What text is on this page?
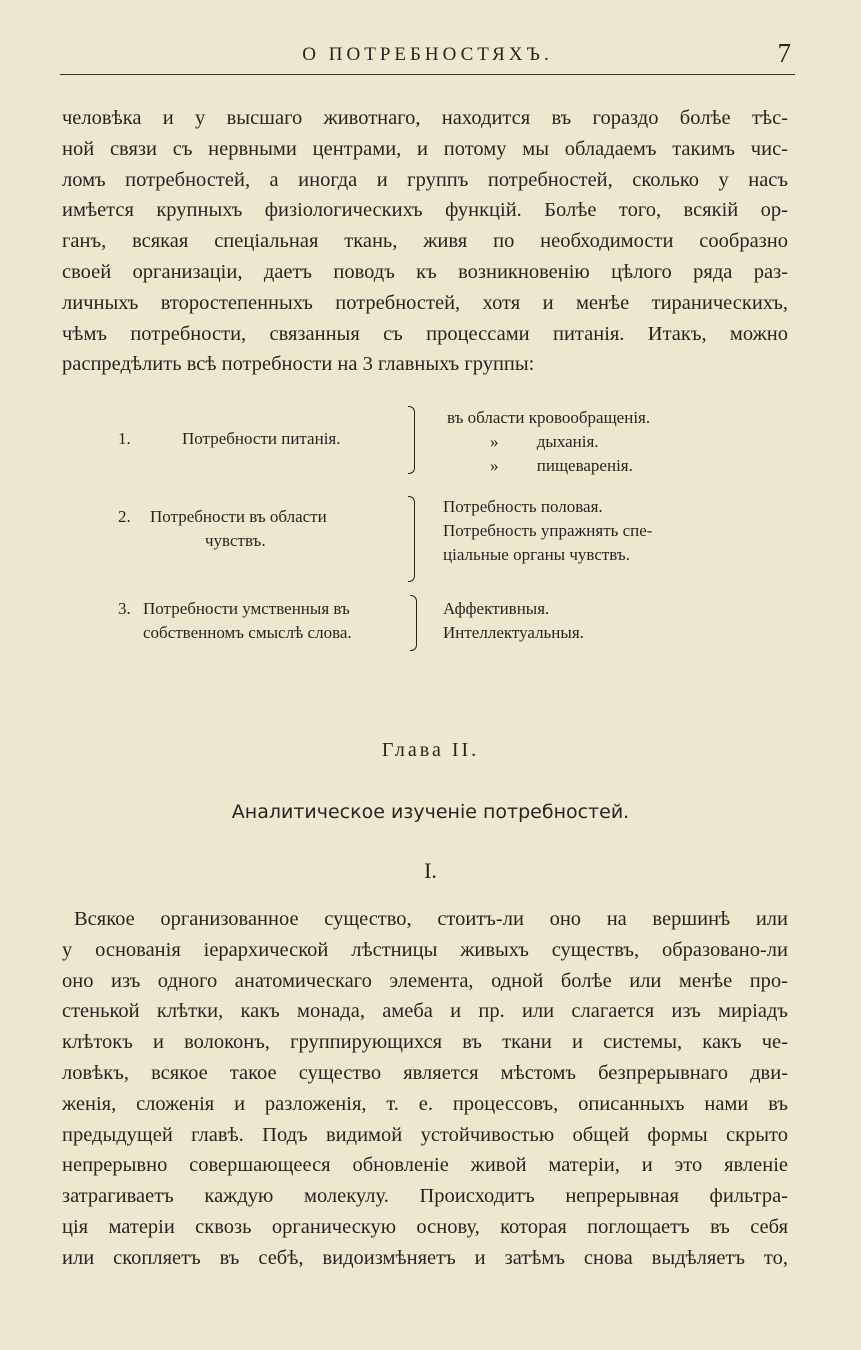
О ПОТРЕБНОСТЯХЪ.	7
человѣка и у высшаго животнаго, находится въ гораздо болѣе тѣс-
ной связи съ нервными центрами, и потому мы обладаемъ такимъ чис-
ломъ потребностей, а иногда и группъ потребностей, сколько у насъ
имѣется крупныхъ физіологическихъ функцій. Болѣе того, всякій ор-
ганъ, всякая спеціальная ткань, живя по необходимости сообразно
своей организаціи, даетъ поводъ къ возникновенію цѣлого ряда раз-
личныхъ второстепенныхъ потребностей, хотя и менѣе тираническихъ,
чѣмъ потребности, связанныя съ процессами питанія. Итакъ, можно
распредѣлить всѣ потребности на 3 главныхъ группы:
1.	Потребности питанія.
въ области кровообращенія.
»         дыханія.
»         пищеваренія.
2. Потребности въ области
чувствъ.
Потребность половая.
Потребность упражнять спе-
ціальные органы чувствъ.
3. Потребности умственныя въ
собственномъ смыслѣ слова.
Аффективныя.
Интеллектуальныя.
Глава II.
Аналитическое изученіе потребностей.
I.
Всякое организованное существо, стоитъ-ли оно на вершинѣ или
у основанія іерархической лѣстницы живыхъ существъ, образовано-ли
оно изъ одного анатомическаго элемента, одной болѣе или менѣе про-
стенькой клѣтки, какъ монада, амеба и пр. или слагается изъ миріадъ
клѣтокъ и волоконъ, группирующихся въ ткани и системы, какъ че-
ловѣкъ, всякое такое существо является мѣстомъ безпрерывнаго дви-
женія, сложенія и разложенія, т. е. процессовъ, описанныхъ нами въ
предыдущей главѣ. Подъ видимой устойчивостью общей формы скрыто
непрерывно совершающееся обновленіе живой матеріи, и это явленіе
затрагиваетъ каждую молекулу. Происходитъ непрерывная фильтра-
ція матеріи сквозь органическую основу, которая поглощаетъ въ себя
или скопляетъ въ себѣ, видоизмѣняетъ и затѣмъ снова выдѣляетъ то,
